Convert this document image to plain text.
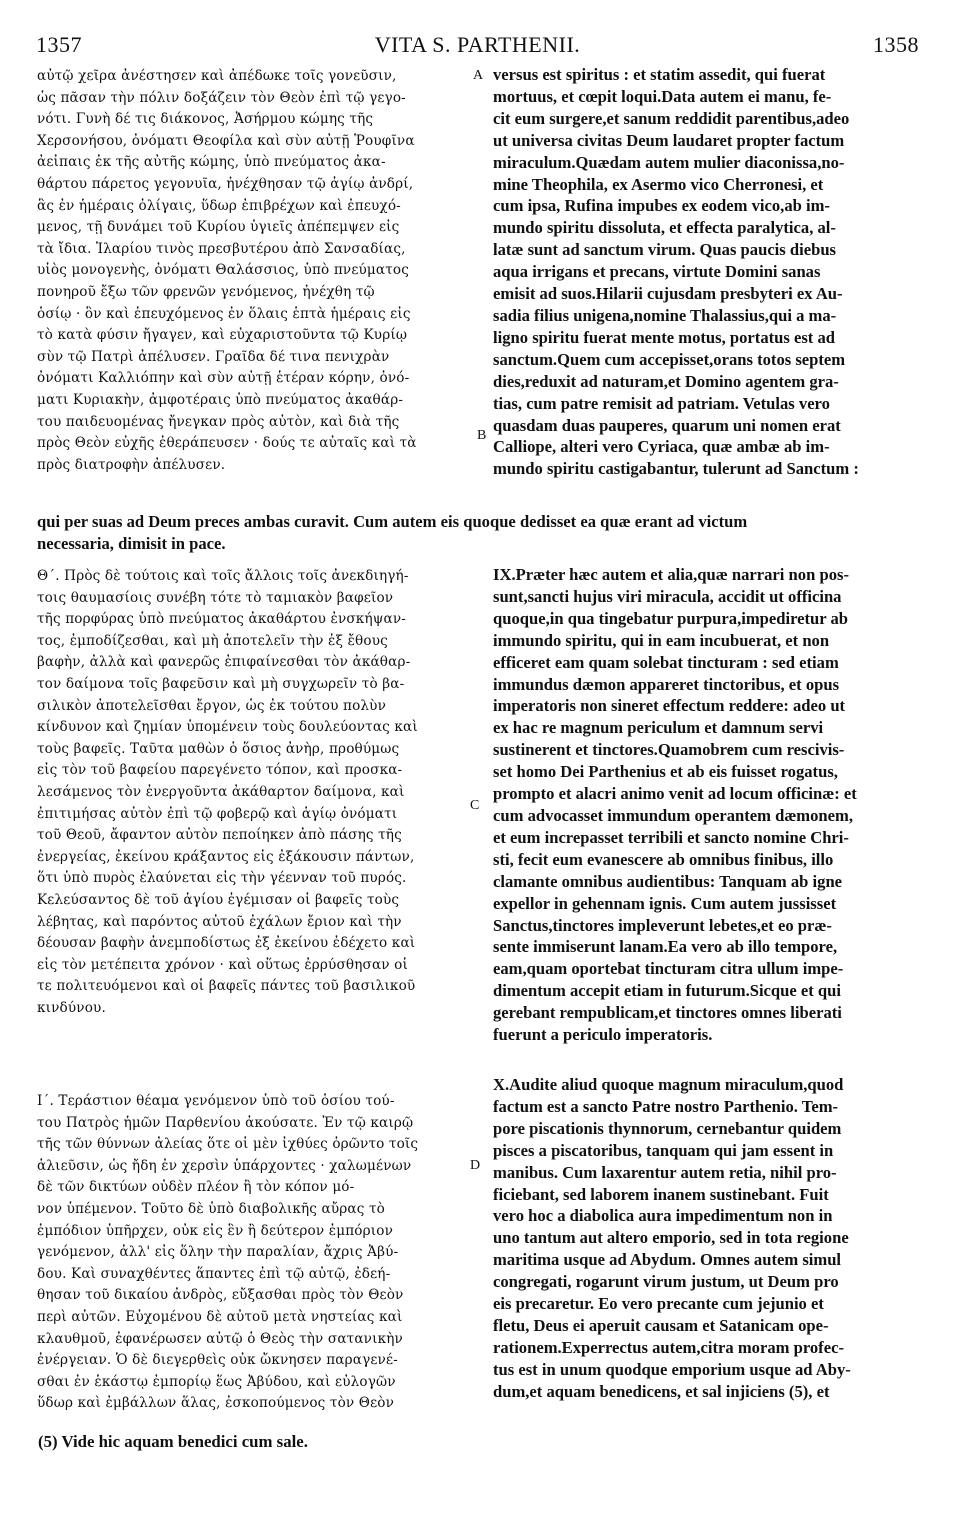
1357	VITA S. PARTHENII.	1358
αὐτῷ χεῖρα ἀνέστησεν καὶ ἀπέδωκε τοῖς γονεῦσιν,
ὡς πᾶσαν τὴν πόλιν δοξάζειν τὸν Θεὸν ἐπὶ τῷ γεγο-
νότι. Γυνὴ δέ τις διάκονος, Ἀσήρμου κώμης τῆς
Χερσονήσου, ὀνόματι Θεοφίλα καὶ σὺν αὐτῇ Ῥουφῖνα
ἀεἰπαις ἐκ τῆς αὐτῆς κώμης, ὑπὸ πνεύματος ἀκα-
θάρτου πάρετος γεγονυῖα, ἠνέχθησαν τῷ ἁγίῳ ἀνδρί,
ἃς ἐν ἡμέραις ὀλίγαις, ὕδωρ ἐπιβρέχων καὶ ἐπευχό-
μενος, τῇ δυνάμει τοῦ Κυρίου ὑγιεῖς ἀπέπεμψεν εἰς
τὰ ἴδια. Ἱλαρίου τινὸς πρεσβυτέρου ἀπὸ Σανσαδίας,
υἱὸς μονογενὴς, ὀνόματι Θαλάσσιος, ὑπὸ πνεύματος
πονηροῦ ἔξω τῶν φρενῶν γενόμενος, ἠνέχθη τῷ
ὁσίῳ · ὃν καὶ ἐπευχόμενος ἐν ὅλαις ἑπτὰ ἡμέραις εἰς
τὸ κατὰ φύσιν ἤγαγεν, καὶ εὐχαριστοῦντα τῷ Κυρίῳ
σὺν τῷ Πατρὶ ἀπέλυσεν. Γραῖδα δέ τινα πενιχρὰν
ὀνόματι Καλλιόπην καὶ σὺν αὐτῇ ἑτέραν κόρην, ὀνό-
ματι Κυριακὴν, ἀμφοτέραις ὑπὸ πνεύματος ἀκαθάρ-
του παιδευομένας ἤνεγκαν πρὸς αὐτὸν, καὶ διὰ τῆς
πρὸς Θεὸν εὐχῆς ἐθεράπευσεν · δούς τε αὐταῖς καὶ τὰ
πρὸς διατροφὴν ἀπέλυσεν.
versus est spiritus : et statim assedit, qui fuerat
mortuus, et cœpit loqui.Data autem ei manu, fe-
cit eum surgere,et sanum reddidit parentibus,adeo
ut universa civitas Deum laudaret propter factum
miraculum.Quædam autem mulier diaconissa,no-
mine Theophila, ex Asermo vico Cherronesi, et
cum ipsa, Rufina impubes ex eodem vico,ab im-
mundo spiritu dissoluta, et effecta paralytica, al-
latæ sunt ad sanctum virum. Quas paucis diebus
aqua irrigans et precans, virtute Domini sanas
emisit ad suos.Hilarii cujusdam presbyteri ex Au-
sadia filius unigena,nomine Thalassius,qui a ma-
ligno spiritu fuerat mente motus, portatus est ad
sanctum.Quem cum accepisset,orans totos septem
dies,reduxit ad naturam,et Domino agentem gra-
tias, cum patre remisit ad patriam. Vetulas vero
quasdam duas pauperes, quarum uni nomen erat
Calliope, alteri vero Cyriaca, quæ ambæ ab im-
mundo spiritu castigabantur, tulerunt ad Sanctum :
A
B
qui per suas ad Deum preces ambas curavit. Cum autem eis quoque dedisset ea quæ erant ad victum
necessaria, dimisit in pace.
Θ΄. Πρὸς δὲ τούτοις καὶ τοῖς ἄλλοις τοῖς ἀνεκδιηγή-
τοις θαυμασίοις συνέβη τότε τὸ ταμιακὸν βαφεῖον
τῆς πορφύρας ὑπὸ πνεύματος ἀκαθάρτου ἐνσκήψαν-
τος, ἐμποδίζεσθαι, καὶ μὴ ἀποτελεῖν τὴν ἐξ ἔθους
βαφὴν, ἀλλὰ καὶ φανερῶς ἐπιφαίνεσθαι τὸν ἀκάθαρ-
τον δαίμονα τοῖς βαφεῦσιν καὶ μὴ συγχωρεῖν τὸ βα-
σιλικὸν ἀποτελεῖσθαι ἔργον, ὡς ἐκ τούτου πολὺν
κίνδυνον καὶ ζημίαν ὑπομένειν τοὺς δουλεύοντας καὶ
τοὺς βαφεῖς. Ταῦτα μαθὼν ὁ ὅσιος ἀνὴρ, προθύμως
εἰς τὸν τοῦ βαφείου παρεγένετο τόπον, καὶ προσκα-
λεσάμενος τὸν ἐνεργοῦντα ἀκάθαρτον δαίμονα, καὶ
ἐπιτιμήσας αὐτὸν ἐπὶ τῷ φοβερῷ καὶ ἁγίῳ ὀνόματι
τοῦ Θεοῦ, ἄφαντον αὐτὸν πεποίηκεν ἀπὸ πάσης τῆς
ἐνεργείας, ἐκείνου κράξαντος εἰς ἐξάκουσιν πάντων,
ὅτι ὑπὸ πυρὸς ἐλαύνεται εἰς τὴν γέενναν τοῦ πυρός.
Κελεύσαντος δὲ τοῦ ἁγίου ἐγέμισαν οἱ βαφεῖς τοὺς
λέβητας, καὶ παρόντος αὐτοῦ ἐχάλων ἔριον καὶ τὴν
δέουσαν βαφὴν ἀνεμποδίστως ἐξ ἐκείνου ἐδέχετο καὶ
εἰς τὸν μετέπειτα χρόνον · καὶ οὕτως ἐρρύσθησαν οἱ
τε πολιτευόμενοι καὶ οἱ βαφεῖς πάντες τοῦ βασιλικοῦ
κινδύνου.
IX.Præter hæc autem et alia,quæ narrari non pos-
sunt,sancti hujus viri miracula, accidit ut officina
quoque,in qua tingebatur purpura,impediretur ab
immundo spiritu, qui in eam incubuerat, et non
efficeret eam quam solebat tincturam : sed etiam
immundus dæmon appareret tinctoribus, et opus
imperatoris non sineret effectum reddere: adeo ut
ex hac re magnum periculum et damnum servi
sustinerent et tinctores.Quamobrem cum rescivis-
set homo Dei Parthenius et ab eis fuisset rogatus,
prompto et alacri animo venit ad locum officinæ: et
cum advocasset immundum operantem dæmonem,
et eum increpasset terribili et sancto nomine Chri-
sti, fecit eum evanescere ab omnibus finibus, illo
clamante omnibus audientibus: Tanquam ab igne
expellor in gehennam ignis. Cum autem jussisset
Sanctus,tinctores impleverunt lebetes,et eo præ-
sente immiserunt lanam.Ea vero ab illo tempore,
eam,quam oportebat tincturam citra ullum impe-
dimentum accepit etiam in futurum.Sicque et qui
gerebant rempublicam,et tinctores omnes liberati
fuerunt a periculo imperatoris.
C
Ι΄. Τεράστιον θέαμα γενόμενον ὑπὸ τοῦ ὁσίου τού-
του Πατρὸς ἡμῶν Παρθενίου ἀκούσατε. Ἐν τῷ καιρῷ
τῆς τῶν θύννων ἀλείας ὅτε οἱ μὲν ἰχθύες ὁρῶντο τοῖς
ἁλιεῦσιν, ὡς ἤδη ἐν χερσὶν ὑπάρχοντες · χαλωμένων
δὲ τῶν δικτύων οὐδὲν πλέον ἢ τὸν κόπον μό-
νον ὑπέμενον. Τοῦτο δὲ ὑπὸ διαβολικῆς αὔρας τὸ
ἐμπόδιον ὑπῆρχεν, οὐκ εἰς ἓν ἢ δεύτερον ἐμπόριον
γενόμενον, ἀλλ' εἰς ὅλην τὴν παραλίαν, ἄχρις Ἀβύ-
δου. Καὶ συναχθέντες ἅπαντες ἐπὶ τῷ αὐτῷ, ἐδεή-
θησαν τοῦ δικαίου ἀνδρὸς, εὔξασθαι πρὸς τὸν Θεὸν
περὶ αὐτῶν. Εὐχομένου δὲ αὐτοῦ μετὰ νηστείας καὶ
κλαυθμοῦ, ἐφανέρωσεν αὐτῷ ὁ Θεὸς τὴν σατανικὴν
ἐνέργειαν. Ὁ δὲ διεγερθεὶς οὐκ ὤκνησεν παραγενέ-
σθαι ἐν ἑκάστῳ ἐμπορίῳ ἕως Ἀβύδου, καὶ εὐλογῶν
ὕδωρ καὶ ἐμβάλλων ἅλας, ἐσκοπούμενος τὸν Θεὸν
X.Audite aliud quoque magnum miraculum,quod
factum est a sancto Patre nostro Parthenio. Tem-
pore piscationis thynnorum, cernebantur quidem
pisces a piscatoribus, tanquam qui jam essent in
manibus. Cum laxarentur autem retia, nihil pro-
ficiebant, sed laborem inanem sustinebant. Fuit
vero hoc a diabolica aura impedimentum non in
uno tantum aut altero emporio, sed in tota regione
maritima usque ad Abydum. Omnes autem simul
congregati, rogarunt virum justum, ut Deum pro
eis precaretur. Eo vero precante cum jejunio et
fletu, Deus ei aperuit causam et Satanicam ope-
rationem.Experrectus autem,citra moram profec-
tus est in unum quodque emporium usque ad Aby-
dum,et aquam benedicens, et sal injiciens (5), et
D
(5) Vide hic aquam benedici cum sale.
